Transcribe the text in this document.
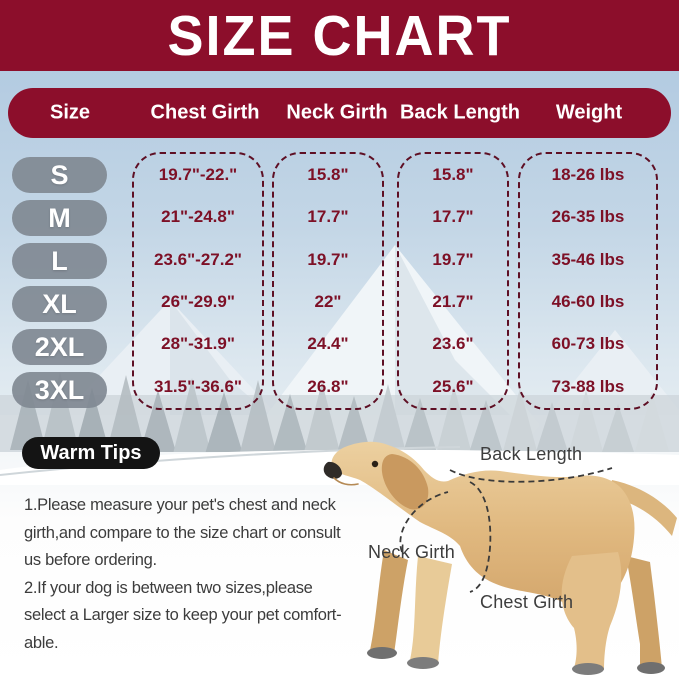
SIZE CHART
Size	Chest Girth Neck Girth Back Length Weight
S
M
L
XL
2XL
3XL
19.7"-22."
21"-24.8"
23.6"-27.2"
26"-29.9"
28"-31.9"
31.5"-36.6"
15.8"
17.7"
19.7"
22"
24.4"
26.8"
15.8"
17.7"
19.7"
21.7"
23.6"
25.6"
18-26 lbs
26-35 lbs
35-46 lbs
46-60 lbs
60-73 lbs
73-88 lbs
Warm Tips
1.Please measure your pet's chest and neck
girth,and compare to the size chart or consult
us before ordering.
2.If your dog is between two sizes,please
select a Larger size to keep your pet comfort-
able.
Back Length
Neck Girth
Chest Girth
